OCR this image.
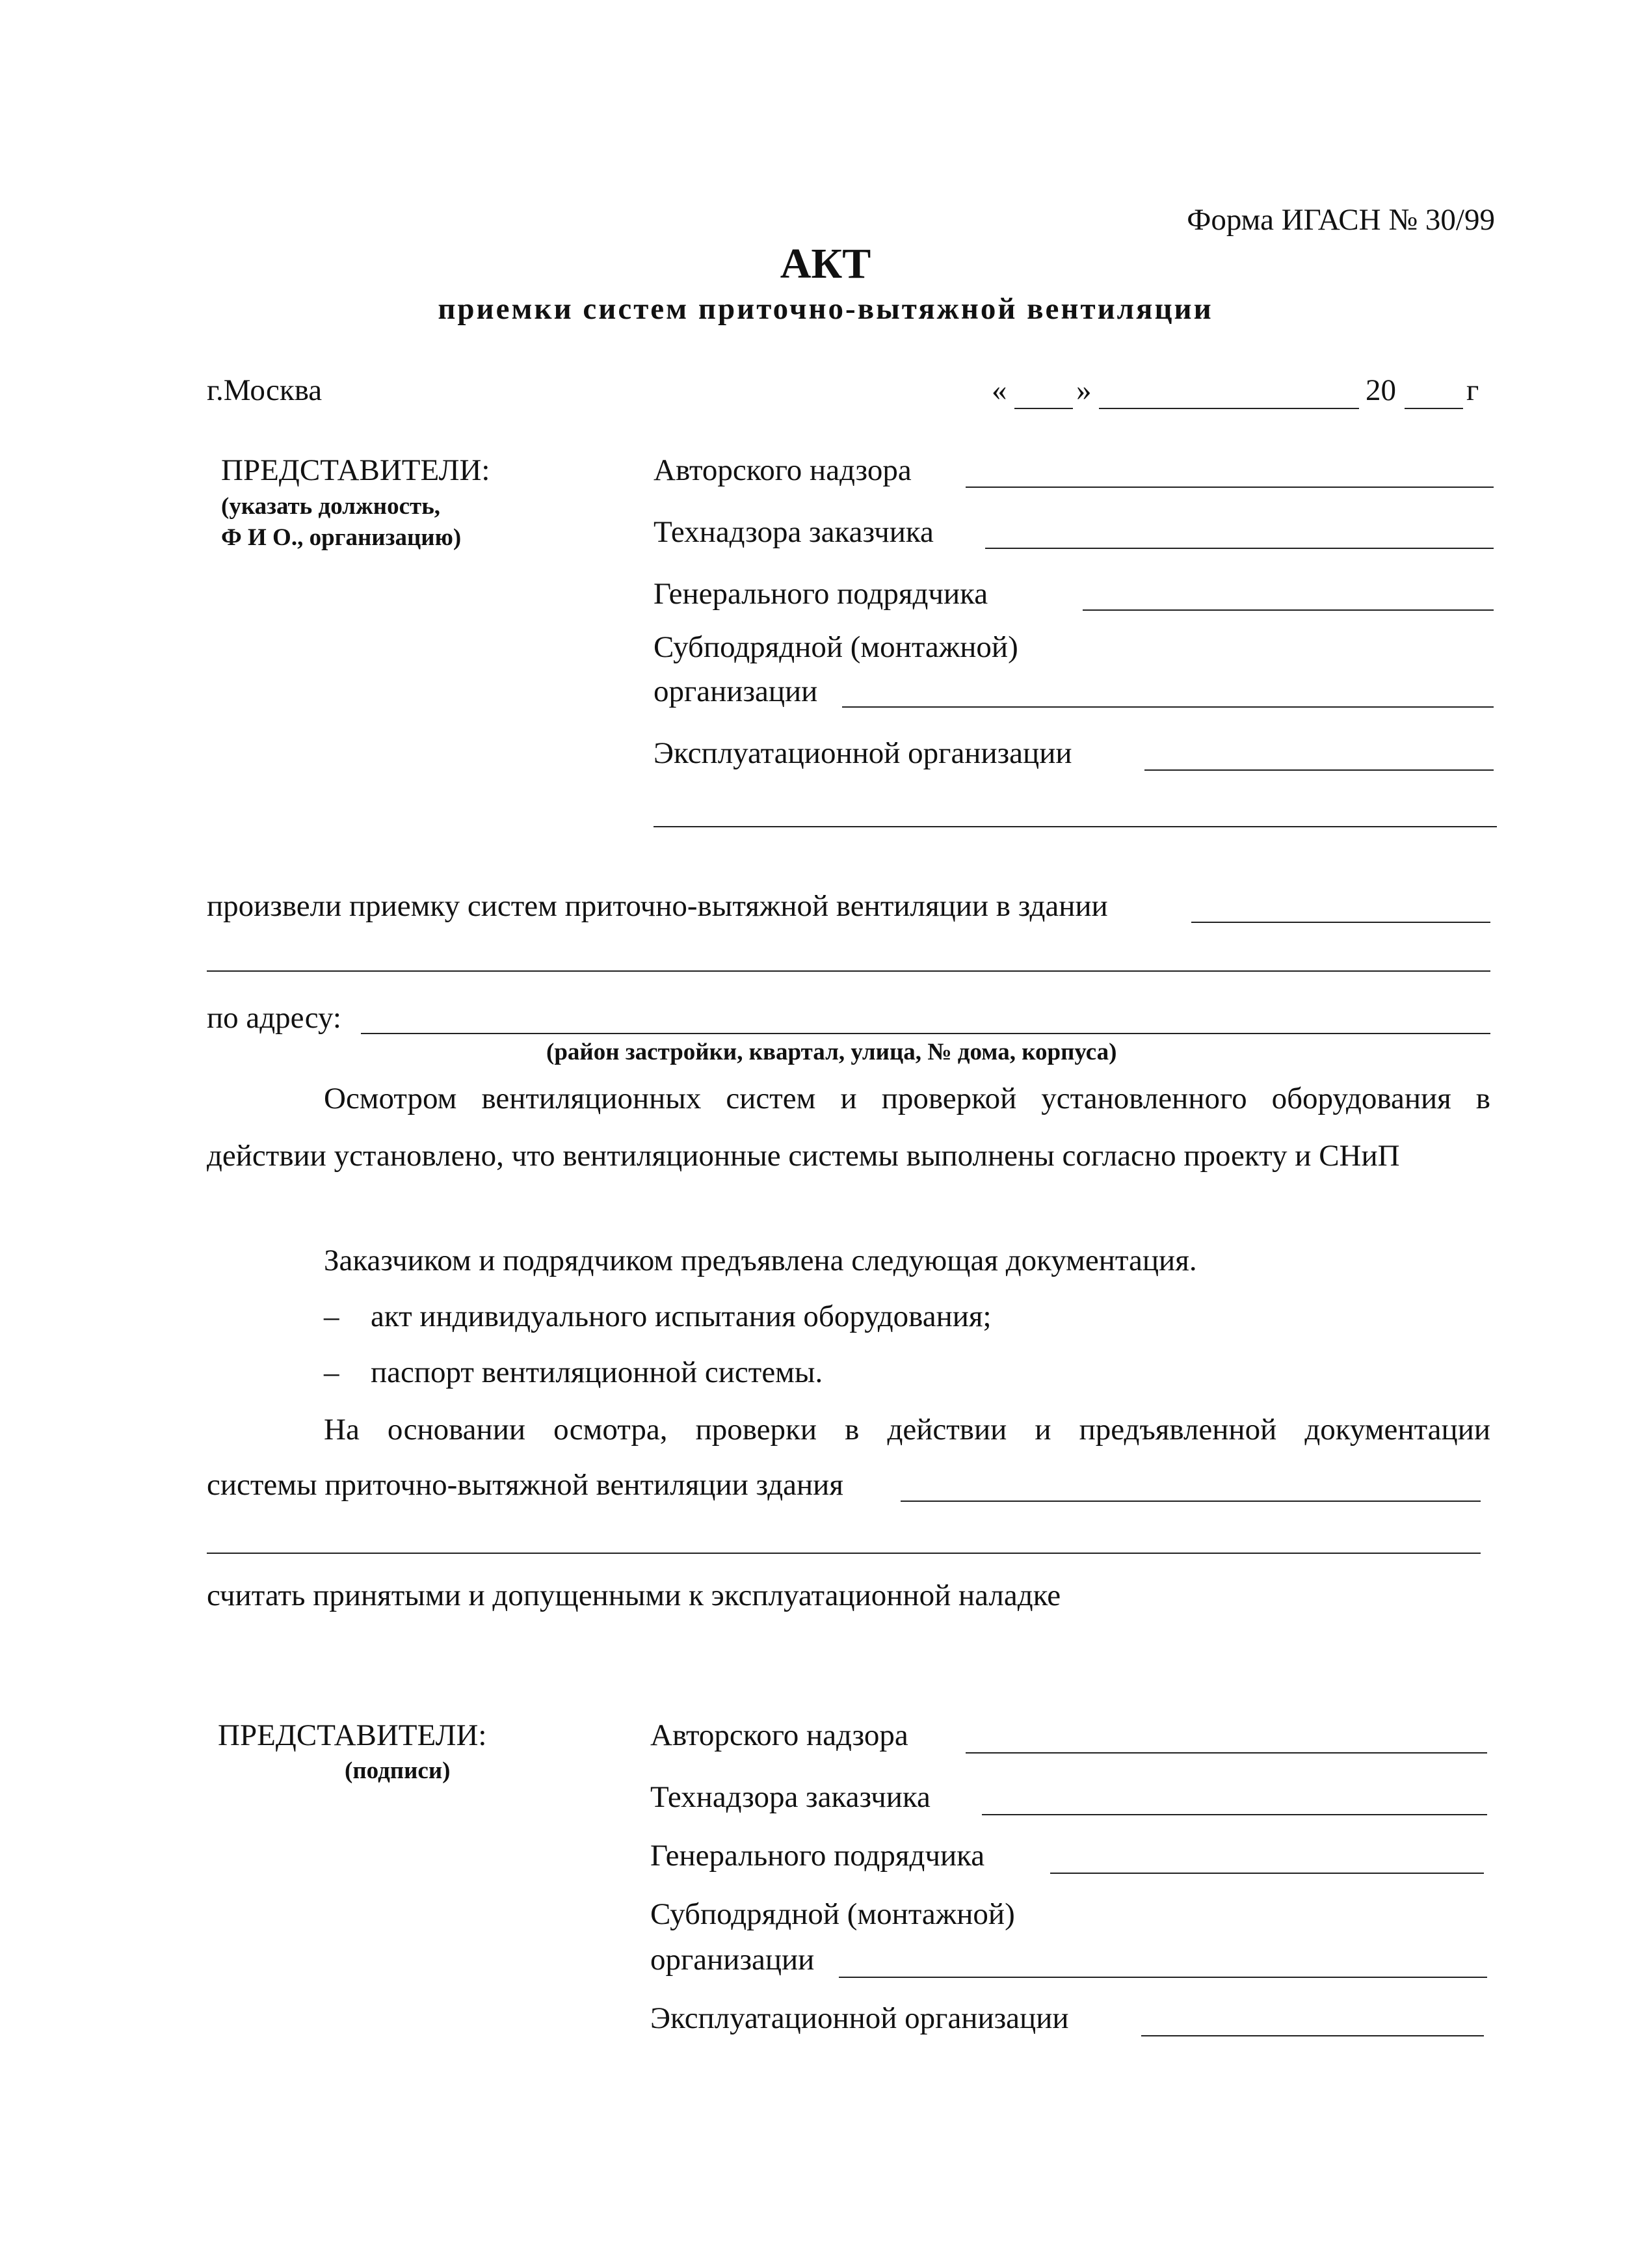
Форма ИГАСН № 30/99
АКТ
приемки систем приточно-вытяжной вентиляции
г.Москва	« »	20 г
ПРЕДСТАВИТЕЛИ:
(указать должность,
Ф И О., организацию)
Авторского надзора
Технадзора заказчика
Генерального подрядчика
Субподрядной (монтажной)
организации
Эксплуатационной организации
произвели приемку систем приточно-вытяжной вентиляции в здании
по адресу:
(район застройки, квартал, улица, № дома, корпуса)
Осмотром вентиляционных систем и проверкой установленного оборудования в действии установлено, что вентиляционные системы выполнены согласно проекту и СНиП
Заказчиком и подрядчиком предъявлена следующая документация.
– акт индивидуального испытания оборудования;
– паспорт вентиляционной системы.
На основании осмотра, проверки в действии и предъявленной документации
системы приточно-вытяжной вентиляции здания
считать принятыми и допущенными к эксплуатационной наладке
ПРЕДСТАВИТЕЛИ:
(подписи)
Авторского надзора
Технадзора заказчика
Генерального подрядчика
Субподрядной (монтажной)
организации
Эксплуатационной организации
